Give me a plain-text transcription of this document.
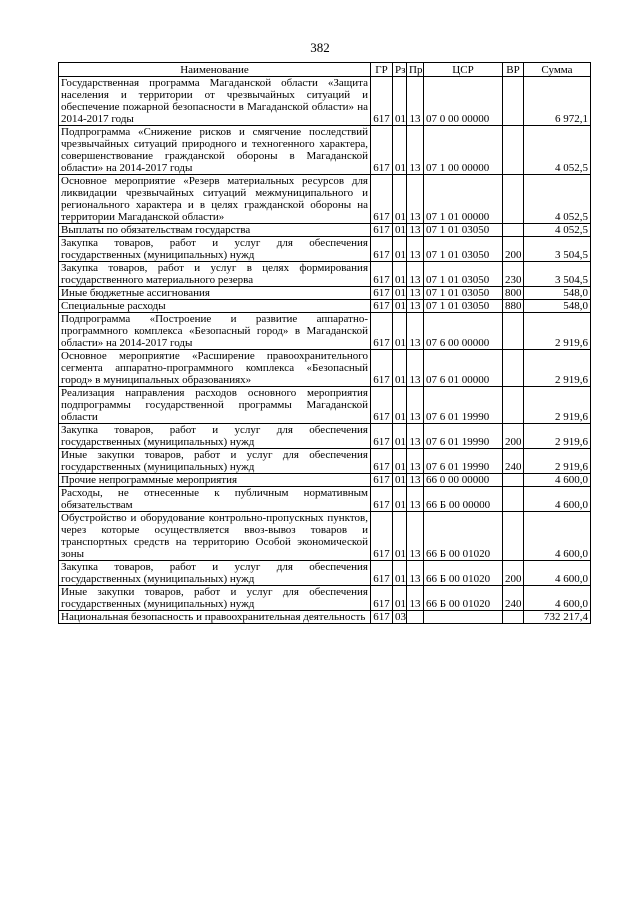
382
Наименование	ГР	Рз	Пр	ЦСР	ВР	Сумма
Государственная программа Магаданской области «Защита населения и территории от чрезвычайных ситуаций и обеспечение пожарной безопасности в Магаданской области» на 2014-2017 годы	617	01	13	07 0 00 00000		6 972,1
Подпрограмма «Снижение рисков и смягчение последствий чрезвычайных ситуаций природного и техногенного характера, совершенствование гражданской обороны в Магаданской области» на 2014-2017 годы	617	01	13	07 1 00 00000		4 052,5
Основное мероприятие «Резерв материальных ресурсов для ликвидации чрезвычайных ситуаций межмуниципального и регионального характера и в целях гражданской обороны на территории Магаданской области»	617	01	13	07 1 01 00000		4 052,5
Выплаты по обязательствам государства	617	01	13	07 1 01 03050		4 052,5
Закупка товаров, работ и услуг для обеспечения государственных (муниципальных) нужд	617	01	13	07 1 01 03050	200	3 504,5
Закупка товаров, работ и услуг в целях формирования государственного материального резерва	617	01	13	07 1 01 03050	230	3 504,5
Иные бюджетные ассигнования	617	01	13	07 1 01 03050	800	548,0
Специальные расходы	617	01	13	07 1 01 03050	880	548,0
Подпрограмма «Построение и развитие аппаратно-программного комплекса «Безопасный город» в Магаданской области» на 2014-2017 годы	617	01	13	07 6 00 00000		2 919,6
Основное мероприятие «Расширение правоохранительного сегмента аппаратно-программного комплекса «Безопасный город» в муниципальных образованиях»	617	01	13	07 6 01 00000		2 919,6
Реализация направления расходов основного мероприятия подпрограммы государственной программы Магаданской области	617	01	13	07 6 01 19990		2 919,6
Закупка товаров, работ и услуг для обеспечения государственных (муниципальных) нужд	617	01	13	07 6 01 19990	200	2 919,6
Иные закупки товаров, работ и услуг для обеспечения государственных (муниципальных) нужд	617	01	13	07 6 01 19990	240	2 919,6
Прочие непрограммные мероприятия	617	01	13	66 0 00 00000		4 600,0
Расходы, не отнесенные к публичным нормативным обязательствам	617	01	13	66 Б 00 00000		4 600,0
Обустройство и оборудование контрольно-пропускных пунктов, через которые осуществляется ввоз-вывоз товаров и транспортных средств на территорию Особой экономической зоны	617	01	13	66 Б 00 01020		4 600,0
Закупка товаров, работ и услуг для обеспечения государственных (муниципальных) нужд	617	01	13	66 Б 00 01020	200	4 600,0
Иные закупки товаров, работ и услуг для обеспечения государственных (муниципальных) нужд	617	01	13	66 Б 00 01020	240	4 600,0
Национальная безопасность и правоохранительная деятельность	617	03				732 217,4
